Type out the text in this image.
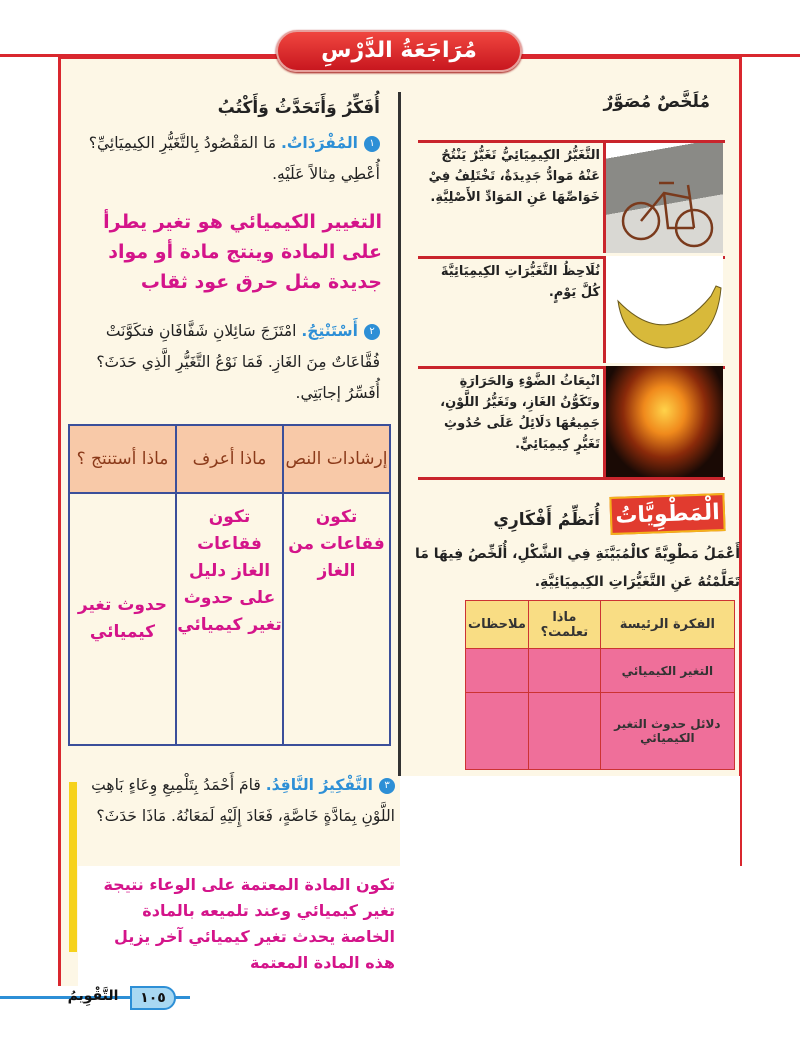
مُرَاجَعَةُ الدَّرْسِ
مُلَخَّصٌ مُصَوَّرٌ
التَّغَيُّرُ الكِيمِيَائِيُّ تَغَيُّرٌ يَنْتُجُ عَنْهُ مَوادُّ جَدِيدَةٌ، تَخْتَلِفُ فِيْ خَوَاصِّهَا عَنِ المَوَادِّ الأَصْلِيَّةِ.
نُلَاحِظُ التَّغَيُّرَاتِ الكِيمِيَائِيَّةَ كُلَّ يَوْمٍ.
انْبِعَاثُ الضَّوْءِ وَالحَرَارَةِ وتَكَوُّنُ الغَازِ، وتَغَيُّرُ اللَّوْنِ، جَمِيعُهَا دَلَائِلُ عَلَى حُدُوثِ تَغَيُّرٍ كِيمِيَائِيٍّ.
الْمَطْوِيَّاتُ
أُنَظِّمُ أَفْكَارِي
أَعْمَلُ مَطْوِيَّةً كالْمُبَيَّنَةِ فِي الشَّكْلِ، أُلَخِّصُ فِيهَا مَا تَعَلَّمْتُهُ عَنِ التَّغَيُّرَاتِ الكِيمِيَائِيَّةِ.
الفكرة الرئيسة	ماذا تعلمت؟	ملاحظات
التغير الكيميائي		
دلائل حدوث التغير الكيميائي		
أُفَكِّرُ وَأَتَحَدَّثُ وَأَكْتُبُ
١المُفْرَدَاتُ. مَا المَقْصُودُ بِالتَّغَيُّرِ الكِيمِيَائِيِّ؟ أُعْطِي مِثالاً عَلَيْهِ.
التغيير الكيميائي هو تغير يطرأ على المادة وينتج مادة أو مواد جديدة مثل حرق عود ثقاب
٢أَسْتَنْتِجُ. امْتَزَجَ سَائِلانِ شَفَّافَانِ فتكَوَّنَتْ فُقَّاعَاتٌ مِنَ الغَازِ. فَمَا نَوْعُ التَّغَيُّرِ الَّذِي حَدَثَ؟ أُفَسِّرُ إجابَتِي.
إرشادات النص	ماذا أعرف	ماذا أستنتج ؟
تكون فقاعات من الغاز	تكون فقاعات الغاز دليل على حدوث تغير كيميائي	حدوث تغير كيميائي
٣التَّفْكِيرُ النَّاقِدُ. قامَ أَحْمَدُ بِتَلْمِيعِ وِعَاءٍ بَاهِتِ اللَّوْنِ بِمَادَّةٍ خَاصَّةٍ، فَعَادَ إِلَيْهِ لَمَعَانُهُ. مَاذَا حَدَثَ؟
تكون المادة المعتمة على الوعاء نتيجة تغير كيميائي وعند تلميعه بالمادة الخاصة يحدث تغير كيميائي آخر يزيل هذه المادة المعتمة
١٠٥
التَّقْوِيمُ
